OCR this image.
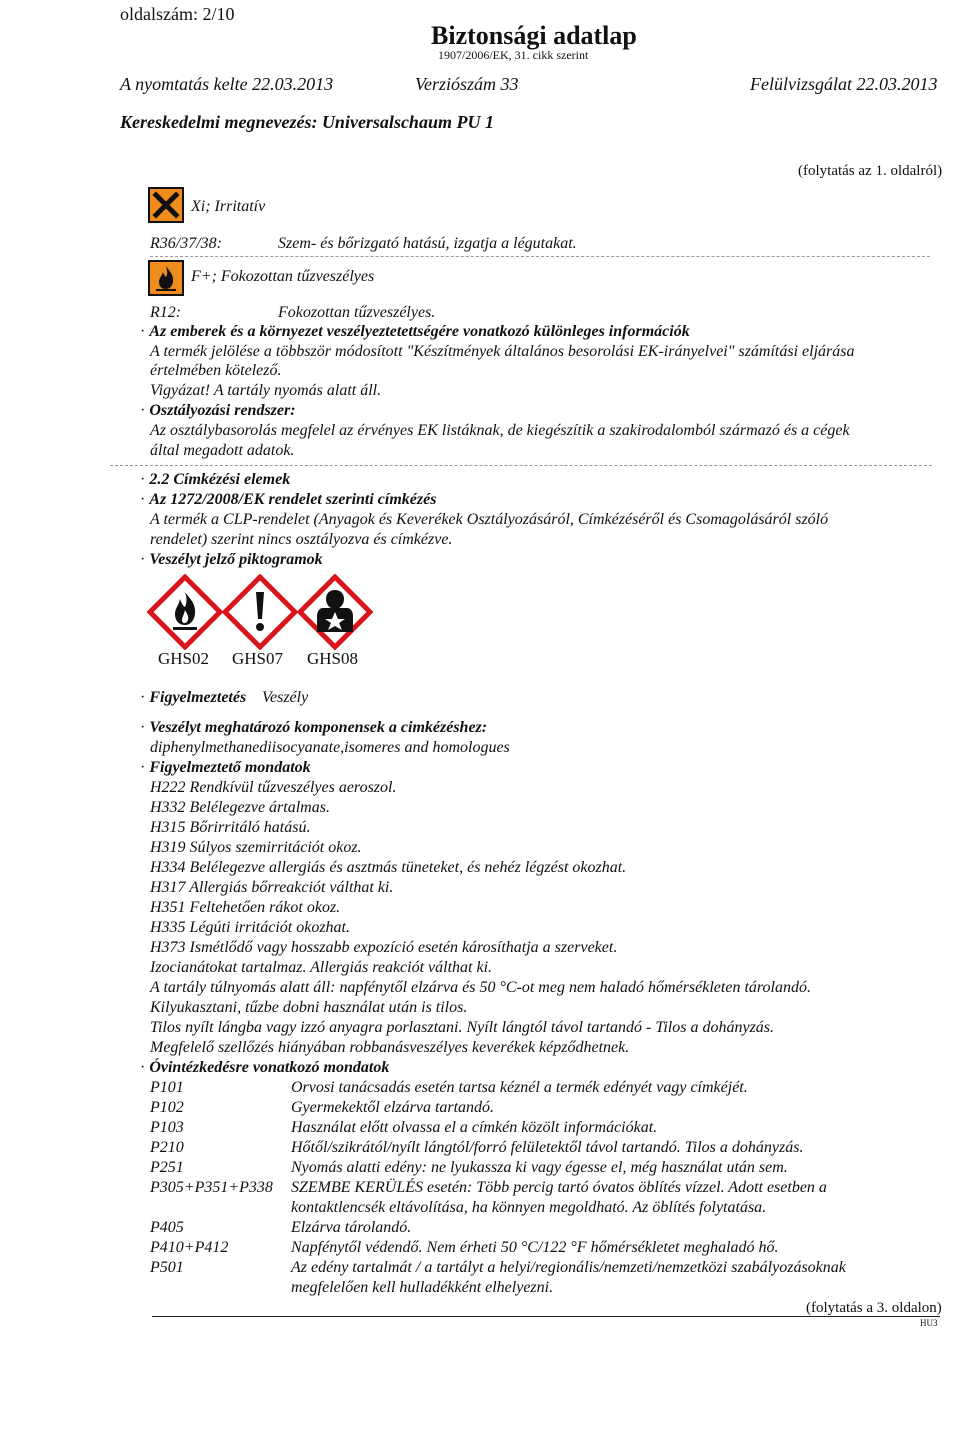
oldalszám: 2/10
Biztonsági adatlap
1907/2006/EK, 31. cikk szerint
A nyomtatás kelte 22.03.2013	Verziószám 33	Felülvizsgálat 22.03.2013
Kereskedelmi megnevezés: Universalschaum PU 1
(folytatás az 1. oldalról)
Xi; Irritatív
R36/37/38:	Szem- és bőrizgató hatású, izgatja a légutakat.
F+; Fokozottan tűzveszélyes
R12:	Fokozottan tűzveszélyes.
· Az emberek és a környezet veszélyeztetettségére vonatkozó különleges információk
A termék jelölése a többször módosított "Készítmények általános besorolási EK-irányelvei" számítási eljárása
értelmében kötelező.
Vigyázat! A tartály nyomás alatt áll.
· Osztályozási rendszer:
Az osztálybasorolás megfelel az érvényes EK listáknak, de kiegészítik a szakirodalomból származó és a cégek
által megadott adatok.
· 2.2 Címkézési elemek
· Az 1272/2008/EK rendelet szerinti címkézés
A termék a CLP-rendelet (Anyagok és Keverékek Osztályozásáról, Címkézéséről és Csomagolásáról szóló
rendelet) szerint nincs osztályozva és címkézve.
· Veszélyt jelző piktogramok
GHS02 GHS07 GHS08
· Figyelmeztetés Veszély
· Veszélyt meghatározó komponensek a cimkézéshez:
diphenylmethanediisocyanate,isomeres and homologues
· Figyelmeztető mondatok
H222 Rendkívül tűzveszélyes aeroszol.
H332 Belélegezve ártalmas.
H315 Bőrirritáló hatású.
H319 Súlyos szemirritációt okoz.
H334 Belélegezve allergiás és asztmás tüneteket, és nehéz légzést okozhat.
H317 Allergiás bőrreakciót válthat ki.
H351 Feltehetően rákot okoz.
H335 Légúti irritációt okozhat.
H373 Ismétlődő vagy hosszabb expozíció esetén károsíthatja a szerveket.
Izocianátokat tartalmaz. Allergiás reakciót válthat ki.
A tartály túlnyomás alatt áll: napfénytől elzárva és 50 °C-ot meg nem haladó hőmérsékleten tárolandó.
Kilyukasztani, tűzbe dobni használat után is tilos.
Tilos nyílt lángba vagy izzó anyagra porlasztani. Nyílt lángtól távol tartandó - Tilos a dohányzás.
Megfelelő szellőzés hiányában robbanásveszélyes keverékek képződhetnek.
· Óvintézkedésre vonatkozó mondatok
P101	Orvosi tanácsadás esetén tartsa kéznél a termék edényét vagy címkéjét.
P102	Gyermekektől elzárva tartandó.
P103	Használat előtt olvassa el a címkén közölt információkat.
P210	Hőtől/szikrától/nyílt lángtól/forró felületektől távol tartandó. Tilos a dohányzás.
P251	Nyomás alatti edény: ne lyukassza ki vagy égesse el, még használat után sem.
P305+P351+P338 SZEMBE KERÜLÉS esetén: Több percig tartó óvatos öblítés vízzel. Adott esetben a
kontaktlencsék eltávolítása, ha könnyen megoldható. Az öblítés folytatása.
P405	Elzárva tárolandó.
P410+P412	Napfénytől védendő. Nem érheti 50 °C/122 °F hőmérsékletet meghaladó hő.
P501	Az edény tartalmát / a tartályt a helyi/regionális/nemzeti/nemzetközi szabályozásoknak
megfelelően kell hulladékként elhelyezni.
(folytatás a 3. oldalon)
HU3
